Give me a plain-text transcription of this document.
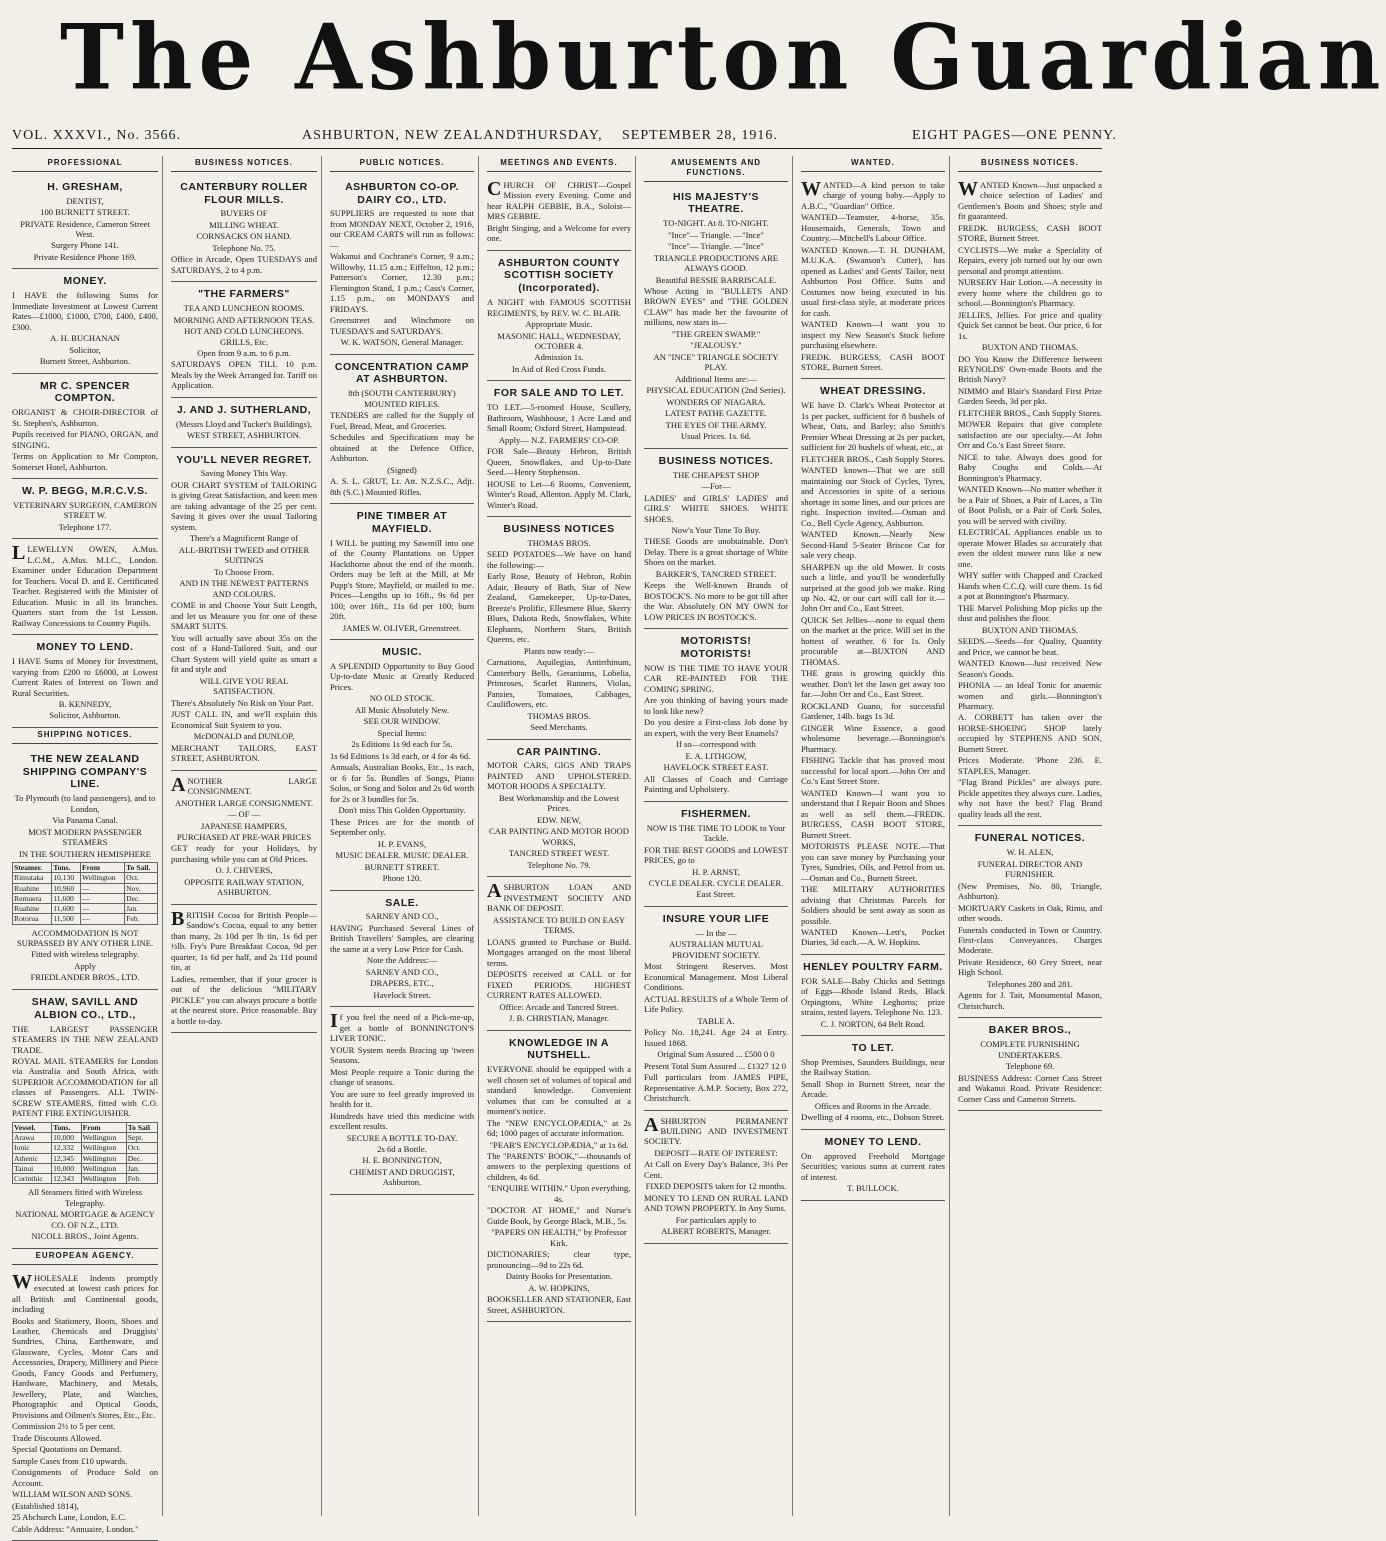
The Ashburton Guardian
VOL. XXXVI., No. 3566.	ASHBURTON, NEW ZEALAND:
THURSDAY, SEPTEMBER 28, 1916.	EIGHT PAGES—ONE PENNY.
PROFESSIONAL
H. GRESHAM,

DENTIST,

100 BURNETT STREET.

PRIVATE Residence, Cameron Street West.

Surgery Phone 141.

Private Residence Phone 169.

MONEY.

I HAVE the following Sums for Immediate Investment at Lowest Current Rates—£1000, £1000, £700, £400, £400, £300.

A. H. BUCHANAN

Solicitor,

Burnett Street, Ashburton.

MR C. SPENCER COMPTON.

ORGANIST & CHOIR-DIRECTOR of St. Stephen's, Ashburton.

Pupils received for PIANO, ORGAN, and SINGING.

Terms on Application to Mr Compton, Somerset Hotel, Ashburton.

W. P. BEGG, M.R.C.V.S.

VETERINARY SURGEON, CAMERON STREET W.

Telephone 177.

LLEWELLYN OWEN, A.Mus. L.C.M., A.Mus. M.I.C., London. Examiner under Education Department for Teachers. Vocal D. and E. Certificated Teacher. Registered with the Minister of Education. Music in all its branches. Quarters start from the 1st Lesson. Railway Concessions to Country Pupils.

MONEY TO LEND.

I HAVE Sums of Money for Investment, varying from £200 to £6000, at Lowest Current Rates of Interest on Town and Rural Securities.

B. KENNEDY,

Solicitor, Ashburton.

SHIPPING NOTICES.
THE NEW ZEALAND SHIPPING COMPANY'S LINE.

To Plymouth (to land passengers), and to London,

Via Panama Canal.

MOST MODERN PASSENGER STEAMERS

IN THE SOUTHERN HEMISPHERE

Steamer.	Tons.	From	To Sail.
Rimutaka	10,130	Wellington	Oct.
Ruahine	10,960	—	Nov.
Remuera	11,600	—	Dec.
Ruahine	11,600	—	Jan.
Rotorua	11,500	—	Feb.

ACCOMMODATION IS NOT SURPASSED BY ANY OTHER LINE.

Fitted with wireless telegraphy.

Apply

FRIEDLANDER BROS., LTD.

SHAW, SAVILL AND ALBION CO., LTD.,

THE LARGEST PASSENGER STEAMERS IN THE NEW ZEALAND TRADE.

ROYAL MAIL STEAMERS for London via Australia and South Africa, with SUPERIOR ACCOMMODATION for all classes of Passengers. ALL TWIN-SCREW STEAMERS, fitted with C.O. PATENT FIRE EXTINGUISHER.

Vessel.	Tons.	From	To Sail
Arawa	10,000	Wellington	Sept.
Ionic	12,332	Wellington	Oct.
Athenic	12,345	Wellington	Dec.
Tainui	10,000	Wellington	Jan.
Corinthic	12,343	Wellington	Feb.

All Steamers fitted with Wireless Telegraphy.

NATIONAL MORTGAGE & AGENCY CO. OF N.Z., LTD.

NICOLL BROS., Joint Agents.

EUROPEAN AGENCY.

WHOLESALE Indents promptly executed at lowest cash prices for all British and Continental goods, including

Books and Stationery, Boots, Shoes and Leather, Chemicals and Druggists' Sundries, China, Earthenware, and Glassware, Cycles, Motor Cars and Accessories, Drapery, Millinery and Piece Goods, Fancy Goods and Perfumery, Hardware, Machinery, and Metals, Jewellery, Plate, and Watches, Photographic and Optical Goods, Provisions and Oilmen's Stores, Etc., Etc.

Commission 2½ to 5 per cent.

Trade Discounts Allowed.

Special Quotations on Demand.

Sample Cases from £10 upwards.

Consignments of Produce Sold on Account.

WILLIAM WILSON AND SONS.

(Established 1814),

25 Abchurch Lane, London, E.C.

Cable Address: "Annuaire, London."

BUSINESS NOTICES.
CANTERBURY ROLLER FLOUR MILLS.

BUYERS OF

MILLING WHEAT.

CORNSACKS ON HAND.

Telephone No. 75.

Office in Arcade, Open TUESDAYS and SATURDAYS, 2 to 4 p.m.

"THE FARMERS"

TEA AND LUNCHEON ROOMS.

MORNING AND AFTERNOON TEAS.

HOT AND COLD LUNCHEONS. GRILLS, Etc.

Open from 9 a.m. to 6 p.m.

SATURDAYS OPEN TILL 10 p.m. Meals by the Week Arranged for. Tariff on Application.

J. AND J. SUTHERLAND,

(Messrs Lloyd and Tucker's Buildings),

WEST STREET, ASHBURTON.

YOU'LL NEVER REGRET.

Saving Money This Way.

OUR CHART SYSTEM of TAILORING is giving Great Satisfaction, and keen men are taking advantage of the 25 per cent. Saving it gives over the usual Tailoring system.

There's a Magnificent Range of

ALL-BRITISH TWEED and OTHER SUITINGS

To Choose From.

AND IN THE NEWEST PATTERNS AND COLOURS.

COME in and Choose Your Suit Length, and let us Measure you for one of these SMART SUITS.

You will actually save about 35s on the cost of a Hand-Tailored Suit, and our Chart System will yield quite as smart a fit and style and

WILL GIVE YOU REAL SATISFACTION.

There's Absolutely No Risk on Your Part.

JUST CALL IN, and we'll explain this Economical Suit System to you.

McDONALD and DUNLOP,

MERCHANT TAILORS, EAST STREET, ASHBURTON.

ANOTHER LARGE CONSIGNMENT.

ANOTHER LARGE CONSIGNMENT.

— OF —

JAPANESE HAMPERS,

PURCHASED AT PRE-WAR PRICES

GET ready for your Holidays, by purchasing while you can at Old Prices.

O. J. CHIVERS,

OPPOSITE RAILWAY STATION, ASHBURTON.

BRITISH Cocoa for British People—Sandow's Cocoa, equal to any better than many, 2s 10d per lb tin, 1s 6d per ½lb. Fry's Pure Breakfast Cocoa, 9d per quarter, 1s 6d per half, and 2s 11d pound tin, at

Ladies, remember, that if your grocer is out of the delicious "MILITARY PICKLE" you can always procure a bottle at the nearest store. Price reasonable. Buy a bottle to-day.

PUBLIC NOTICES.
ASHBURTON CO-OP. DAIRY CO., LTD.

SUPPLIERS are requested to note that from MONDAY NEXT, October 2, 1916, our CREAM CARTS will run as follows:—

Wakanui and Cochrane's Corner, 9 a.m.; Willowby, 11.15 a.m.; Eiffelton, 12 p.m.; Patterson's Corner, 12.30 p.m.; Flemington Stand, 1 p.m.; Cass's Corner, 1.15 p.m., on MONDAYS and FRIDAYS.

Greenstreet and Winchmore on TUESDAYS and SATURDAYS.

W. K. WATSON, General Manager.

CONCENTRATION CAMP AT ASHBURTON.

8th (SOUTH CANTERBURY) MOUNTED RIFLES.

TENDERS are called for the Supply of Fuel, Bread, Meat, and Groceries.

Schedules and Specifications may be obtained at the Defence Office, Ashburton.

(Signed)

A. S. L. GRUT, Lt. Att. N.Z.S.C., Adjt. 8th (S.C.) Mounted Rifles.

PINE TIMBER AT MAYFIELD.

I WILL be putting my Sawmill into one of the County Plantations on Upper Hackthorne about the end of the month. Orders may be left at the Mill, at Mr Pupp's Store, Mayfield, or mailed to me. Prices—Lengths up to 16ft., 9s 6d per 100; over 16ft., 11s 6d per 100; burn 20ft.

JAMES W. OLIVER, Greenstreet.

MUSIC.

A SPLENDID Opportunity to Buy Good Up-to-date Music at Greatly Reduced Prices.

NO OLD STOCK.

All Music Absolutely New.

SEE OUR WINDOW.

Special Items:

2s Editions 1s 9d each for 5s.

1s 6d Editions 1s 3d each, or 4 for 4s 6d.

Annuals, Australian Books, Etc., 1s each, or 6 for 5s. Bundles of Songs, Piano Solos, or Song and Solos and 2s 6d worth for 2s or 3 bundles for 5s.

Don't miss This Golden Opportunity.

These Prices are for the month of September only.

H. P. EVANS,

MUSIC DEALER. MUSIC DEALER.

BURNETT STREET.

Phone 120.

SALE.

SARNEY AND CO.,

HAVING Purchased Several Lines of British Travellers' Samples, are clearing the same at a very Low Price for Cash.

Note the Address:—

SARNEY AND CO.,

DRAPERS, ETC.,

Havelock Street.

If you feel the need of a Pick-me-up, get a bottle of BONNINGTON'S LIVER TONIC.

YOUR System needs Bracing up 'tween Seasons.

Most People require a Tonic during the change of seasons.

You are sure to feel greatly improved in health for it.

Hundreds have tried this medicine with excellent results.

SECURE A BOTTLE TO-DAY.

2s 6d a Bottle.

H. E. BONNINGTON,

CHEMIST AND DRUGGIST, Ashburton.

MEETINGS AND EVENTS.

CHURCH OF CHRIST—Gospel Mission every Evening. Come and hear RALPH GEBBIE, B.A., Soloist—MRS GEBBIE.

Bright Singing, and a Welcome for every one.

ASHBURTON COUNTY SCOTTISH SOCIETY (Incorporated).

A NIGHT with FAMOUS SCOTTISH REGIMENTS, by REV. W. C. BLAIR.

Appropriate Music.

MASONIC HALL, WEDNESDAY, OCTOBER 4.

Admission 1s.

In Aid of Red Cross Funds.

FOR SALE AND TO LET.

TO LET.—5-roomed House, Scullery, Bathroom, Washhouse, 1 Acre Land and Small Room; Oxford Street, Hampstead.

Apply— N.Z. FARMERS' CO-OP.

FOR Sale—Beauty Hebron, British Queen, Snowflakes, and Up-to-Date Seed.—Henry Stephenson.

HOUSE to Let—6 Rooms, Convenient, Winter's Road, Allenton. Apply M. Clark, Winter's Road.

BUSINESS NOTICES

THOMAS BROS.

SEED POTATOES—We have on hand the following:—

Early Rose, Beauty of Hebron, Robin Adair, Beauty of Bath, Star of New Zealand, Gamekeeper, Up-to-Dates, Breeze's Prolific, Ellesmere Blue, Skerry Blues, Dakota Reds, Snowflakes, White Elephants, Northern Stars, British Queens, etc.

Plants now ready:—

Carnations, Aquilegias, Antirrhinum, Canterbury Bells, Geraniums, Lobelia, Primroses, Scarlet Runners, Violas, Pansies, Tomatoes, Cabbages, Cauliflowers, etc.

THOMAS BROS.

Seed Merchants.

CAR PAINTING.

MOTOR CARS, GIGS AND TRAPS PAINTED AND UPHOLSTERED. MOTOR HOODS A SPECIALTY.

Best Workmanship and the Lowest Prices.

EDW. NEW,

CAR PAINTING AND MOTOR HOOD WORKS,

TANCRED STREET WEST.

Telephone No. 79.

ASHBURTON LOAN AND INVESTMENT SOCIETY AND BANK OF DEPOSIT.

ASSISTANCE TO BUILD ON EASY TERMS.

LOANS granted to Purchase or Build. Mortgages arranged on the most liberal terms.

DEPOSITS received at CALL or for FIXED PERIODS. HIGHEST CURRENT RATES ALLOWED.

Office: Arcade and Tancred Street.

J. B. CHRISTIAN, Manager.

KNOWLEDGE IN A NUTSHELL.

EVERYONE should be equipped with a well chosen set of volumes of topical and standard knowledge. Convenient volumes that can be consulted at a moment's notice.

The "NEW ENCYCLOPÆDIA," at 2s 6d; 1000 pages of accurate information.

"PEAR'S ENCYCLOPÆDIA," at 1s 6d.

The "PARENTS' BOOK,"—thousands of answers to the perplexing questions of children, 4s 6d.

"ENQUIRE WITHIN." Upon everything, 4s.

"DOCTOR AT HOME," and Nurse's Guide Book, by George Black, M.B., 5s.

"PAPERS ON HEALTH," by Professor Kirk.

DICTIONARIES; clear type, pronouncing—9d to 22s 6d.

Dainty Books for Presentation.

A. W. HOPKINS,

BOOKSELLER AND STATIONER, East Street, ASHBURTON.

AMUSEMENTS AND FUNCTIONS.
HIS MAJESTY'S THEATRE.

TO-NIGHT. At 8. TO-NIGHT.

"Ince"— Triangle. —"Ince"

"Ince"— Triangle. —"Ince"

TRIANGLE PRODUCTIONS ARE ALWAYS GOOD.

Beautiful BESSIE BARRISCALE.

Whose Acting in "BULLETS AND BROWN EYES" and "THE GOLDEN CLAW" has made her the favourite of millions, now stars in—

"THE GREEN SWAMP."

"JEALOUSY."

AN "INCE" TRIANGLE SOCIETY PLAY.

Additional Items are:—

PHYSICAL EDUCATION (2nd Series).

WONDERS OF NIAGARA.

LATEST PATHE GAZETTE.

THE EYES OF THE ARMY.

Usual Prices. 1s. 6d.

BUSINESS NOTICES.

THE CHEAPEST SHOP

—For—

LADIES' and GIRLS' LADIES' and GIRLS' WHITE SHOES. WHITE SHOES.

Now's Your Time To Buy.

THESE Goods are unobtainable. Don't Delay. There is a great shortage of White Shoes on the market.

BARKER'S, TANCRED STREET.

Keeps the Well-known Brands of BOSTOCK'S. No more to be got till after the War. Absolutely ON MY OWN for LOW PRICES IN BOSTOCK'S.

MOTORISTS! MOTORISTS!

NOW IS THE TIME TO HAVE YOUR CAR RE-PAINTED FOR THE COMING SPRING.

Are you thinking of having yours made to look like new?

Do you desire a First-class Job done by an expert, with the very Best Enamels?

If so—correspond with

E. A. LITHGOW,

HAVELOCK STREET EAST.

All Classes of Coach and Carriage Painting and Upholstery.

FISHERMEN.

NOW IS THE TIME TO LOOK to Your Tackle.

FOR THE BEST GOODS and LOWEST PRICES, go to

H. P. ARNST,

CYCLE DEALER. CYCLE DEALER.

East Street.

INSURE YOUR LIFE

— In the —

AUSTRALIAN MUTUAL PROVIDENT SOCIETY.

Most Stringent Reserves. Most Economical Management. Most Liberal Conditions.

ACTUAL RESULTS of a Whole Term of Life Policy.

TABLE A.

Policy No. 18,241. Age 24 at Entry. Issued 1868.

Original Sum Assured ... £500 0 0

Present Total Sum Assured ... £1327 12 0

Full particulars from JAMES PIPE, Representative A.M.P. Society, Box 272, Christchurch.

ASHBURTON PERMANENT BUILDING AND INVESTMENT SOCIETY.

DEPOSIT—RATE OF INTEREST:

At Call on Every Day's Balance, 3½ Per Cent.

FIXED DEPOSITS taken for 12 months.

MONEY TO LEND ON RURAL LAND AND TOWN PROPERTY. In Any Sums.

For particulars apply to

ALBERT ROBERTS, Manager.

WANTED.

WANTED—A kind person to take charge of young baby.—Apply to A.B.C., "Guardian" Office.

WANTED—Teamster, 4-horse, 35s. Housemaids, Generals, Town and Country.—Mitchell's Labour Office.

WANTED Known.—T. H. DUNHAM, M.U.K.A. (Swanson's Cutter), has opened as Ladies' and Gents' Tailor, next Ashburton Post Office. Suits and Costumes now being executed in his usual first-class style, at moderate prices for cash.

WANTED Known—I want you to inspect my New Season's Stock before purchasing elsewhere.

FREDK. BURGESS, CASH BOOT STORE, Burnett Street.

WHEAT DRESSING.

WE have D. Clark's Wheat Protector at 1s per packet, sufficient for 8 bushels of Wheat, Oats, and Barley; also Smith's Premier Wheat Dressing at 2s per packet, sufficient for 20 bushels of wheat, etc., at

FLETCHER BROS., Cash Supply Stores.

WANTED known—That we are still maintaining our Stock of Cycles, Tyres, and Accessories in spite of a serious shortage in some lines, and our prices are right. Inspection invited.—Osman and Co., Bell Cycle Agency, Ashburton.

WANTED Known.—Nearly New Second-Hand 5-Seater Briscoe Car for sale very cheap.

SHARPEN up the old Mower. It costs such a little, and you'll be wonderfully surprised at the good job we make. Ring up No. 42, or our cart will call for it.—John Orr and Co., East Street.

QUICK Set Jellies—none to equal them on the market at the price. Will set in the hottest of weather. 6 for 1s. Only procurable at—BUXTON AND THOMAS.

THE grass is growing quickly this weather. Don't let the lawn get away too far.—John Orr and Co., East Street.

ROCKLAND Guano, for successful Gardener, 14lb. bags 1s 3d.

GINGER Wine Essence, a good wholesome beverage.—Bonnington's Pharmacy.

FISHING Tackle that has proved most successful for local sport.—John Orr and Co.'s East Street Store.

WANTED Known—I want you to understand that I Repair Boots and Shoes as well as sell them.—FREDK. BURGESS, CASH BOOT STORE, Burnett Street.

MOTORISTS PLEASE NOTE.—That you can save money by Purchasing your Tyres, Sundries, Oils, and Petrol from us.—Osman and Co., Burnett Street.

THE MILITARY AUTHORITIES advising that Christmas Parcels for Soldiers should be sent away as soon as possible.

WANTED Known—Lett's, Pocket Diaries, 3d each.—A. W. Hopkins.

HENLEY POULTRY FARM.

FOR SALE—Baby Chicks and Settings of Eggs—Rhode Island Reds, Black Orpingtons, White Leghorns; prize strains, tested layers. Telephone No. 123.

C. J. NORTON, 64 Belt Road.

TO LET.

Shop Premises, Saunders Buildings, near the Railway Station.

Small Shop in Burnett Street, near the Arcade.

Offices and Rooms in the Arcade.

Dwelling of 4 rooms, etc., Dobson Street.

MONEY TO LEND.

On approved Freehold Mortgage Securities; various sums at current rates of interest.

T. BULLOCK.

BUSINESS NOTICES.

WANTED Known—Just unpacked a choice selection of Ladies' and Gentlemen's Boots and Shoes; style and fit guaranteed.

FREDK. BURGESS, CASH BOOT STORE, Burnett Street.

CYCLISTS—We make a Speciality of Repairs, every job turned out by our own personal and prompt attention.

NURSERY Hair Lotion.—A necessity in every home where the children go to school.—Bonnington's Pharmacy.

JELLIES, Jellies. For price and quality Quick Set cannot be beat. Our price, 6 for 1s.

BUXTON AND THOMAS.

DO You Know the Difference between REYNOLDS' Own-made Boots and the British Navy?

NIMMO and Blair's Standard First Prize Garden Seeds, 3d per pkt.

FLETCHER BROS., Cash Supply Stores.

MOWER Repairs that give complete satisfaction are our specialty.—At John Orr and Co.'s East Street Store.

NICE to take. Always does good for Baby Coughs and Colds.—At Bonnington's Pharmacy.

WANTED Known—No matter whether it be a Pair of Shoes, a Pair of Laces, a Tin of Boot Polish, or a Pair of Cork Soles, you will be served with civility.

ELECTRICAL Appliances enable us to operate Mower Blades so accurately that even the oldest mower runs like a new one.

WHY suffer with Chapped and Cracked Hands when C.C.Q. will cure them. 1s 6d a pot at Bonnington's Pharmacy.

THE Marvel Polishing Mop picks up the dust and polishes the floor.

BUXTON AND THOMAS.

SEEDS.—Seeds—for Quality, Quantity and Price, we cannot be beat.

WANTED Known—Just received New Season's Goods.

PHONIA — an Ideal Tonic for anaemic women and girls.—Bonnington's Pharmacy.

A. CORBETT has taken over the HORSE-SHOEING SHOP lately occupied by STEPHENS AND SON, Burnett Street.

Prices Moderate. 'Phone 236. E. STAPLES, Manager.

"Flag Brand Pickles" are always pure. Pickle appetites they always cure. Ladies, why not have the best? Flag Brand quality leads all the rest.

FUNERAL NOTICES.

W. H. ALEN,

FUNERAL DIRECTOR AND FURNISHER.

(New Premises, No. 80, Triangle, Ashburton).

MORTUARY Caskets in Oak, Rimu, and other woods.

Funerals conducted in Town or Country. First-class Conveyances. Charges Moderate.

Private Residence, 60 Grey Street, near High School.

Telephones 280 and 281.

Agents for J. Tait, Monumental Mason, Christchurch.

BAKER BROS.,

COMPLETE FURNISHING UNDERTAKERS.

Telephone 69.

BUSINESS Address: Corner Cass Street and Wakanui Road. Private Residence: Corner Cass and Cameron Streets.
